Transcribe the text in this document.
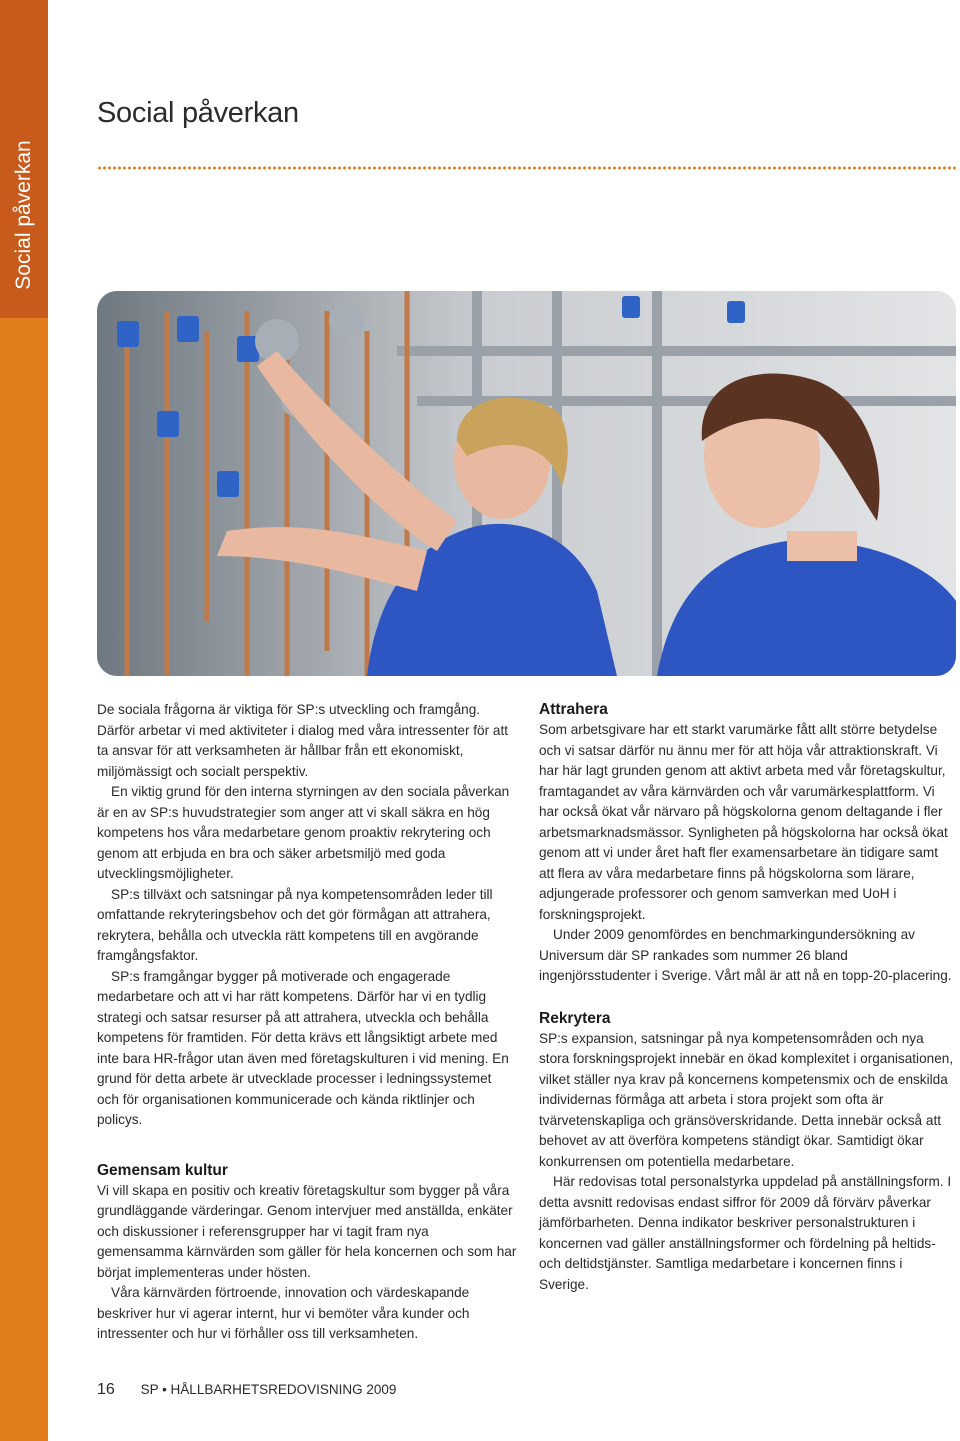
Social påverkan
Social påverkan

De sociala frågorna är viktiga för SP:s utveckling och framgång. Därför arbetar vi med aktiviteter i dialog med våra intressenter för att ta ansvar för att verksamheten är hållbar från ett ekonomiskt, miljömässigt och socialt perspektiv.

En viktig grund för den interna styrningen av den sociala påverkan är en av SP:s huvudstrategier som anger att vi skall säkra en hög kompetens hos våra medarbetare genom proaktiv rekrytering och genom att erbjuda en bra och säker arbetsmiljö med goda utvecklingsmöjligheter.

SP:s tillväxt och satsningar på nya kompetensområden leder till omfattande rekryteringsbehov och det gör förmågan att attrahera, rekrytera, behålla och utveckla rätt kompetens till en avgörande framgångsfaktor.

SP:s framgångar bygger på motiverade och engagerade medarbetare och att vi har rätt kompetens. Därför har vi en tydlig strategi och satsar resurser på att attrahera, utveckla och behålla kompetens för framtiden. För detta krävs ett långsiktigt arbete med inte bara HR-frågor utan även med företagskulturen i vid mening. En grund för detta arbete är utvecklade processer i ledningssystemet och för organisationen kommunicerade och kända riktlinjer och policys.

Gemensam kultur

Vi vill skapa en positiv och kreativ företagskultur som bygger på våra grundläggande värderingar. Genom intervjuer med anställda, enkäter och diskussioner i referensgrupper har vi tagit fram nya gemensamma kärnvärden som gäller för hela koncernen och som har börjat implementeras under hösten.

Våra kärnvärden förtroende, innovation och värdeskapande beskriver hur vi agerar internt, hur vi bemöter våra kunder och intressenter och hur vi förhåller oss till verksamheten.

Attrahera

Som arbetsgivare har ett starkt varumärke fått allt större betydelse och vi satsar därför nu ännu mer för att höja vår attraktionskraft. Vi har här lagt grunden genom att aktivt arbeta med vår företagskultur, framtagandet av våra kärnvärden och vår varumärkesplattform. Vi har också ökat vår närvaro på högskolorna genom deltagande i fler arbetsmarknadsmässor. Synligheten på högskolorna har också ökat genom att vi under året haft fler examensarbetare än tidigare samt att flera av våra medarbetare finns på högskolorna som lärare, adjungerade professorer och genom samverkan med UoH i forskningsprojekt.

Under 2009 genomfördes en benchmarkingundersökning av Universum där SP rankades som nummer 26 bland ingenjörsstudenter i Sverige. Vårt mål är att nå en topp-20-placering.

Rekrytera

SP:s expansion, satsningar på nya kompetensområden och nya stora forskningsprojekt innebär en ökad komplexitet i organisationen, vilket ställer nya krav på koncernens kompetensmix och de enskilda individernas förmåga att arbeta i stora projekt som ofta är tvärvetenskapliga och gränsöverskridande. Detta innebär också att behovet av att överföra kompetens ständigt ökar. Samtidigt ökar konkurrensen om potentiella medarbetare.

Här redovisas total personalstyrka uppdelad på anställningsform. I detta avsnitt redovisas endast siffror för 2009 då förvärv påverkar jämförbarheten. Denna indikator beskriver personalstrukturen i koncernen vad gäller anställningsformer och fördelning på heltids- och deltidstjänster. Samtliga medarbetare i koncernen finns i Sverige.

16 SP • HÅLLBARHETSREDOVISNING 2009
